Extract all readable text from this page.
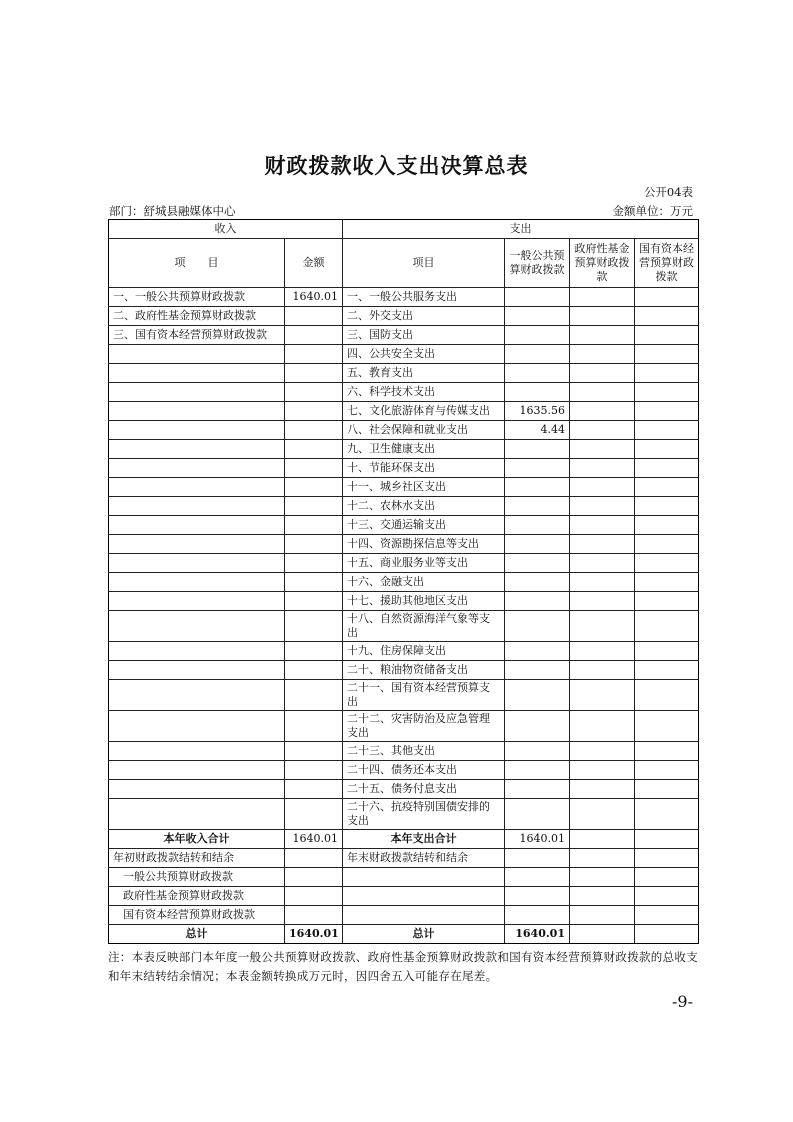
财政拨款收入支出决算总表
公开04表
部门：舒城县融媒体中心	金额单位：万元
收入		支出			
项　　目	金额	项目	一般公共预算财政拨款	政府性基金预算财政拨款	国有资本经营预算财政拨款
一、一般公共预算财政拨款	1640.01	一、一般公共服务支出			
二、政府性基金预算财政拨款		二、外交支出			
三、国有资本经营预算财政拨款		三、国防支出			
		四、公共安全支出			
		五、教育支出			
		六、科学技术支出			
		七、文化旅游体育与传媒支出	1635.56		
		八、社会保障和就业支出	4.44		
		九、卫生健康支出			
		十、节能环保支出			
		十一、城乡社区支出			
		十二、农林水支出			
		十三、交通运输支出			
		十四、资源勘探信息等支出			
		十五、商业服务业等支出			
		十六、金融支出			
		十七、援助其他地区支出			
		十八、自然资源海洋气象等支出			
		十九、住房保障支出			
		二十、粮油物资储备支出			
		二十一、国有资本经营预算支出			
		二十二、灾害防治及应急管理支出			
		二十三、其他支出			
		二十四、债务还本支出			
		二十五、债务付息支出			
		二十六、抗疫特别国债安排的支出			
本年收入合计	1640.01	本年支出合计	1640.01		
年初财政拨款结转和结余		年末财政拨款结转和结余			
一般公共预算财政拨款					
政府性基金预算财政拨款					
国有资本经营预算财政拨款					
总计	1640.01	总计	1640.01		
注：本表反映部门本年度一般公共预算财政拨款、政府性基金预算财政拨款和国有资本经营预算财政拨款的总收支和年末结转结余情况；本表金额转换成万元时，因四舍五入可能存在尾差。
-9-
